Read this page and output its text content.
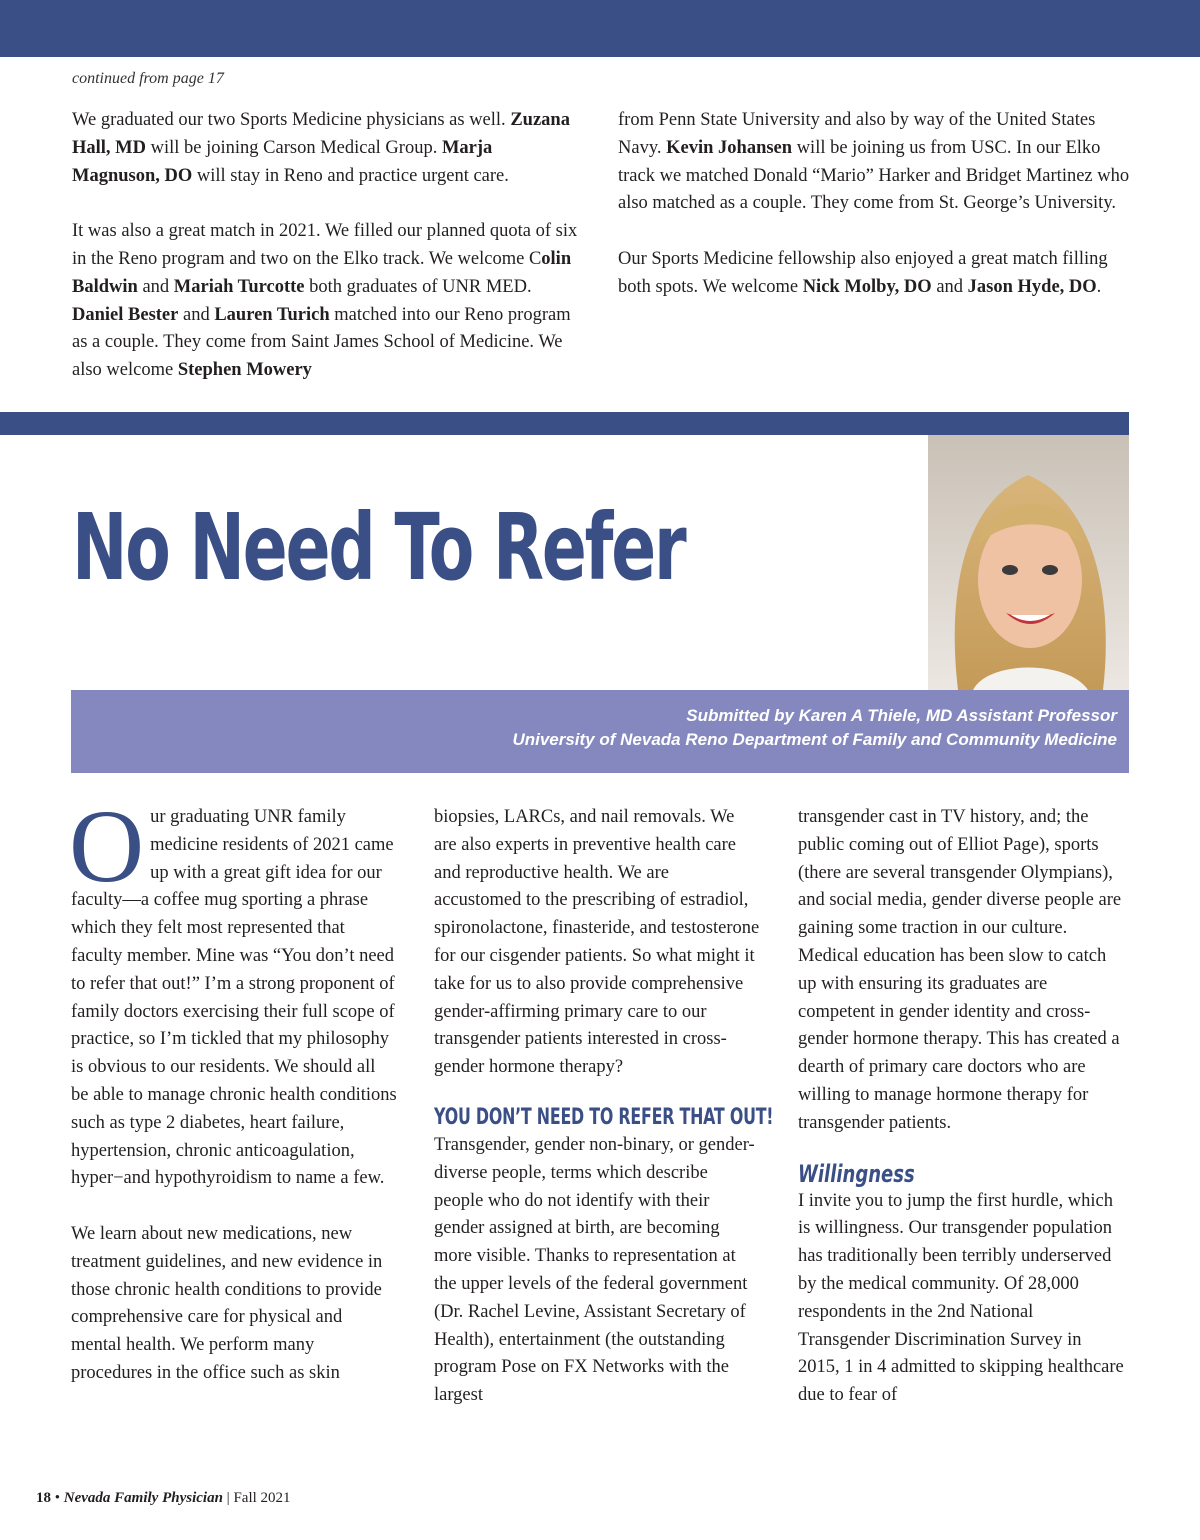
continued from page 17

We graduated our two Sports Medicine physicians as well. Zuzana Hall, MD will be joining Carson Medical Group. Marja Magnuson, DO will stay in Reno and practice urgent care.

It was also a great match in 2021. We filled our planned quota of six in the Reno program and two on the Elko track. We welcome Colin Baldwin and Mariah Turcotte both graduates of UNR MED. Daniel Bester and Lauren Turich matched into our Reno program as a couple. They come from Saint James School of Medicine. We also welcome Stephen Mowery

from Penn State University and also by way of the United States Navy. Kevin Johansen will be joining us from USC. In our Elko track we matched Donald “Mario” Harker and Bridget Martinez who also matched as a couple. They come from St. George’s University.

Our Sports Medicine fellowship also enjoyed a great match filling both spots. We welcome Nick Molby, DO and Jason Hyde, DO.

No Need To Refer
Submitted by Karen A Thiele, MD Assistant Professor
University of Nevada Reno Department of Family and Community Medicine

Our graduating UNR family medicine residents of 2021 came up with a great gift idea for our faculty—a coffee mug sporting a phrase which they felt most represented that faculty member. Mine was “You don’t need to refer that out!” I’m a strong proponent of family doctors exercising their full scope of practice, so I’m tickled that my philosophy is obvious to our residents. We should all be able to manage chronic health conditions such as type 2 diabetes, heart failure, hypertension, chronic anticoagulation, hyper−and hypothyroidism to name a few.

We learn about new medications, new treatment guidelines, and new evidence in those chronic health conditions to provide comprehensive care for physical and mental health. We perform many procedures in the office such as skin

biopsies, LARCs, and nail removals. We are also experts in preventive health care and reproductive health. We are accustomed to the prescribing of estradiol, spironolactone, finasteride, and testosterone for our cisgender patients. So what might it take for us to also provide comprehensive gender-affirming primary care to our transgender patients interested in cross-gender hormone therapy?

YOU DON’T NEED TO REFER THAT OUT!

Transgender, gender non-binary, or gender-diverse people, terms which describe people who do not identify with their gender assigned at birth, are becoming more visible. Thanks to representation at the upper levels of the federal government (Dr. Rachel Levine, Assistant Secretary of Health), entertainment (the outstanding program Pose on FX Networks with the largest

transgender cast in TV history, and; the public coming out of Elliot Page), sports (there are several transgender Olympians), and social media, gender diverse people are gaining some traction in our culture. Medical education has been slow to catch up with ensuring its graduates are competent in gender identity and cross-gender hormone therapy. This has created a dearth of primary care doctors who are willing to manage hormone therapy for transgender patients.

Willingness

I invite you to jump the first hurdle, which is willingness. Our transgender population has traditionally been terribly underserved by the medical community. Of 28,000 respondents in the 2nd National Transgender Discrimination Survey in 2015, 1 in 4 admitted to skipping healthcare due to fear of

18 • Nevada Family Physician | Fall 2021
